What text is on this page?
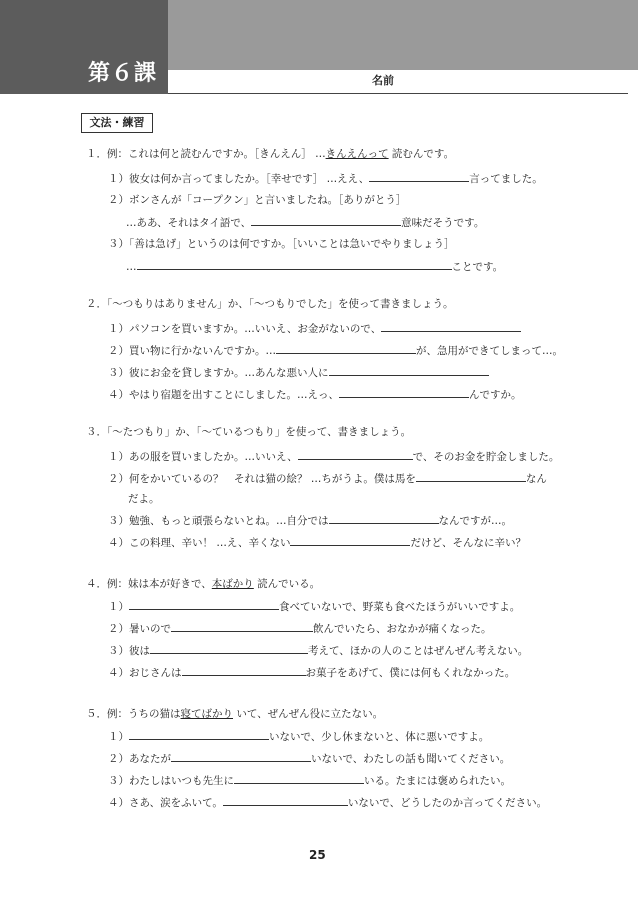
第６課	名前
文法・練習
１．例：これは何と読むんですか。［きんえん］ …きんえんって 読むんです。
１）彼女は何か言ってましたか。［幸せです］ …ええ、	言ってました。
２）ボンさんが「コープクン」と言いましたね。［ありがとう］
…ああ、それはタイ語で、	意味だそうです。
３）「善は急げ」というのは何ですか。［いいことは急いでやりましょう］
…	ことです。
２．「～つもりはありません」か、「～つもりでした」を使って書きましょう。
１）パソコンを買いますか。…いいえ、お金がないので、
２）買い物に行かないんですか。…	が、急用ができてしまって…。
３）彼にお金を貸しますか。…あんな悪い人に
４）やはり宿題を出すことにしました。…えっ、	んですか。
３．「～たつもり」か、「～ているつもり」を使って、書きましょう。
１）あの服を買いましたか。…いいえ、	で、そのお金を貯金しました。
２）何をかいているの？　それは猫の絵？ …ちがうよ。僕は馬を	なん
だよ。
３）勉強、もっと頑張らないとね。…自分では	なんですが…。
４）この料理、辛い！ …え、辛くない	だけど、そんなに辛い？
４．例：妹は本が好きで、本ばかり 読んでいる。
１）	食べていないで、野菜も食べたほうがいいですよ。
２）暑いので	飲んでいたら、おなかが痛くなった。
３）彼は	考えて、ほかの人のことはぜんぜん考えない。
４）おじさんは	お菓子をあげて、僕には何もくれなかった。
５．例：うちの猫は寝てばかり いて、ぜんぜん役に立たない。
１）	いないで、少し休まないと、体に悪いですよ。
２）あなたが	いないで、わたしの話も聞いてください。
３）わたしはいつも先生に	いる。たまには褒められたい。
４）さあ、涙をふいて。	いないで、どうしたのか言ってください。
25
